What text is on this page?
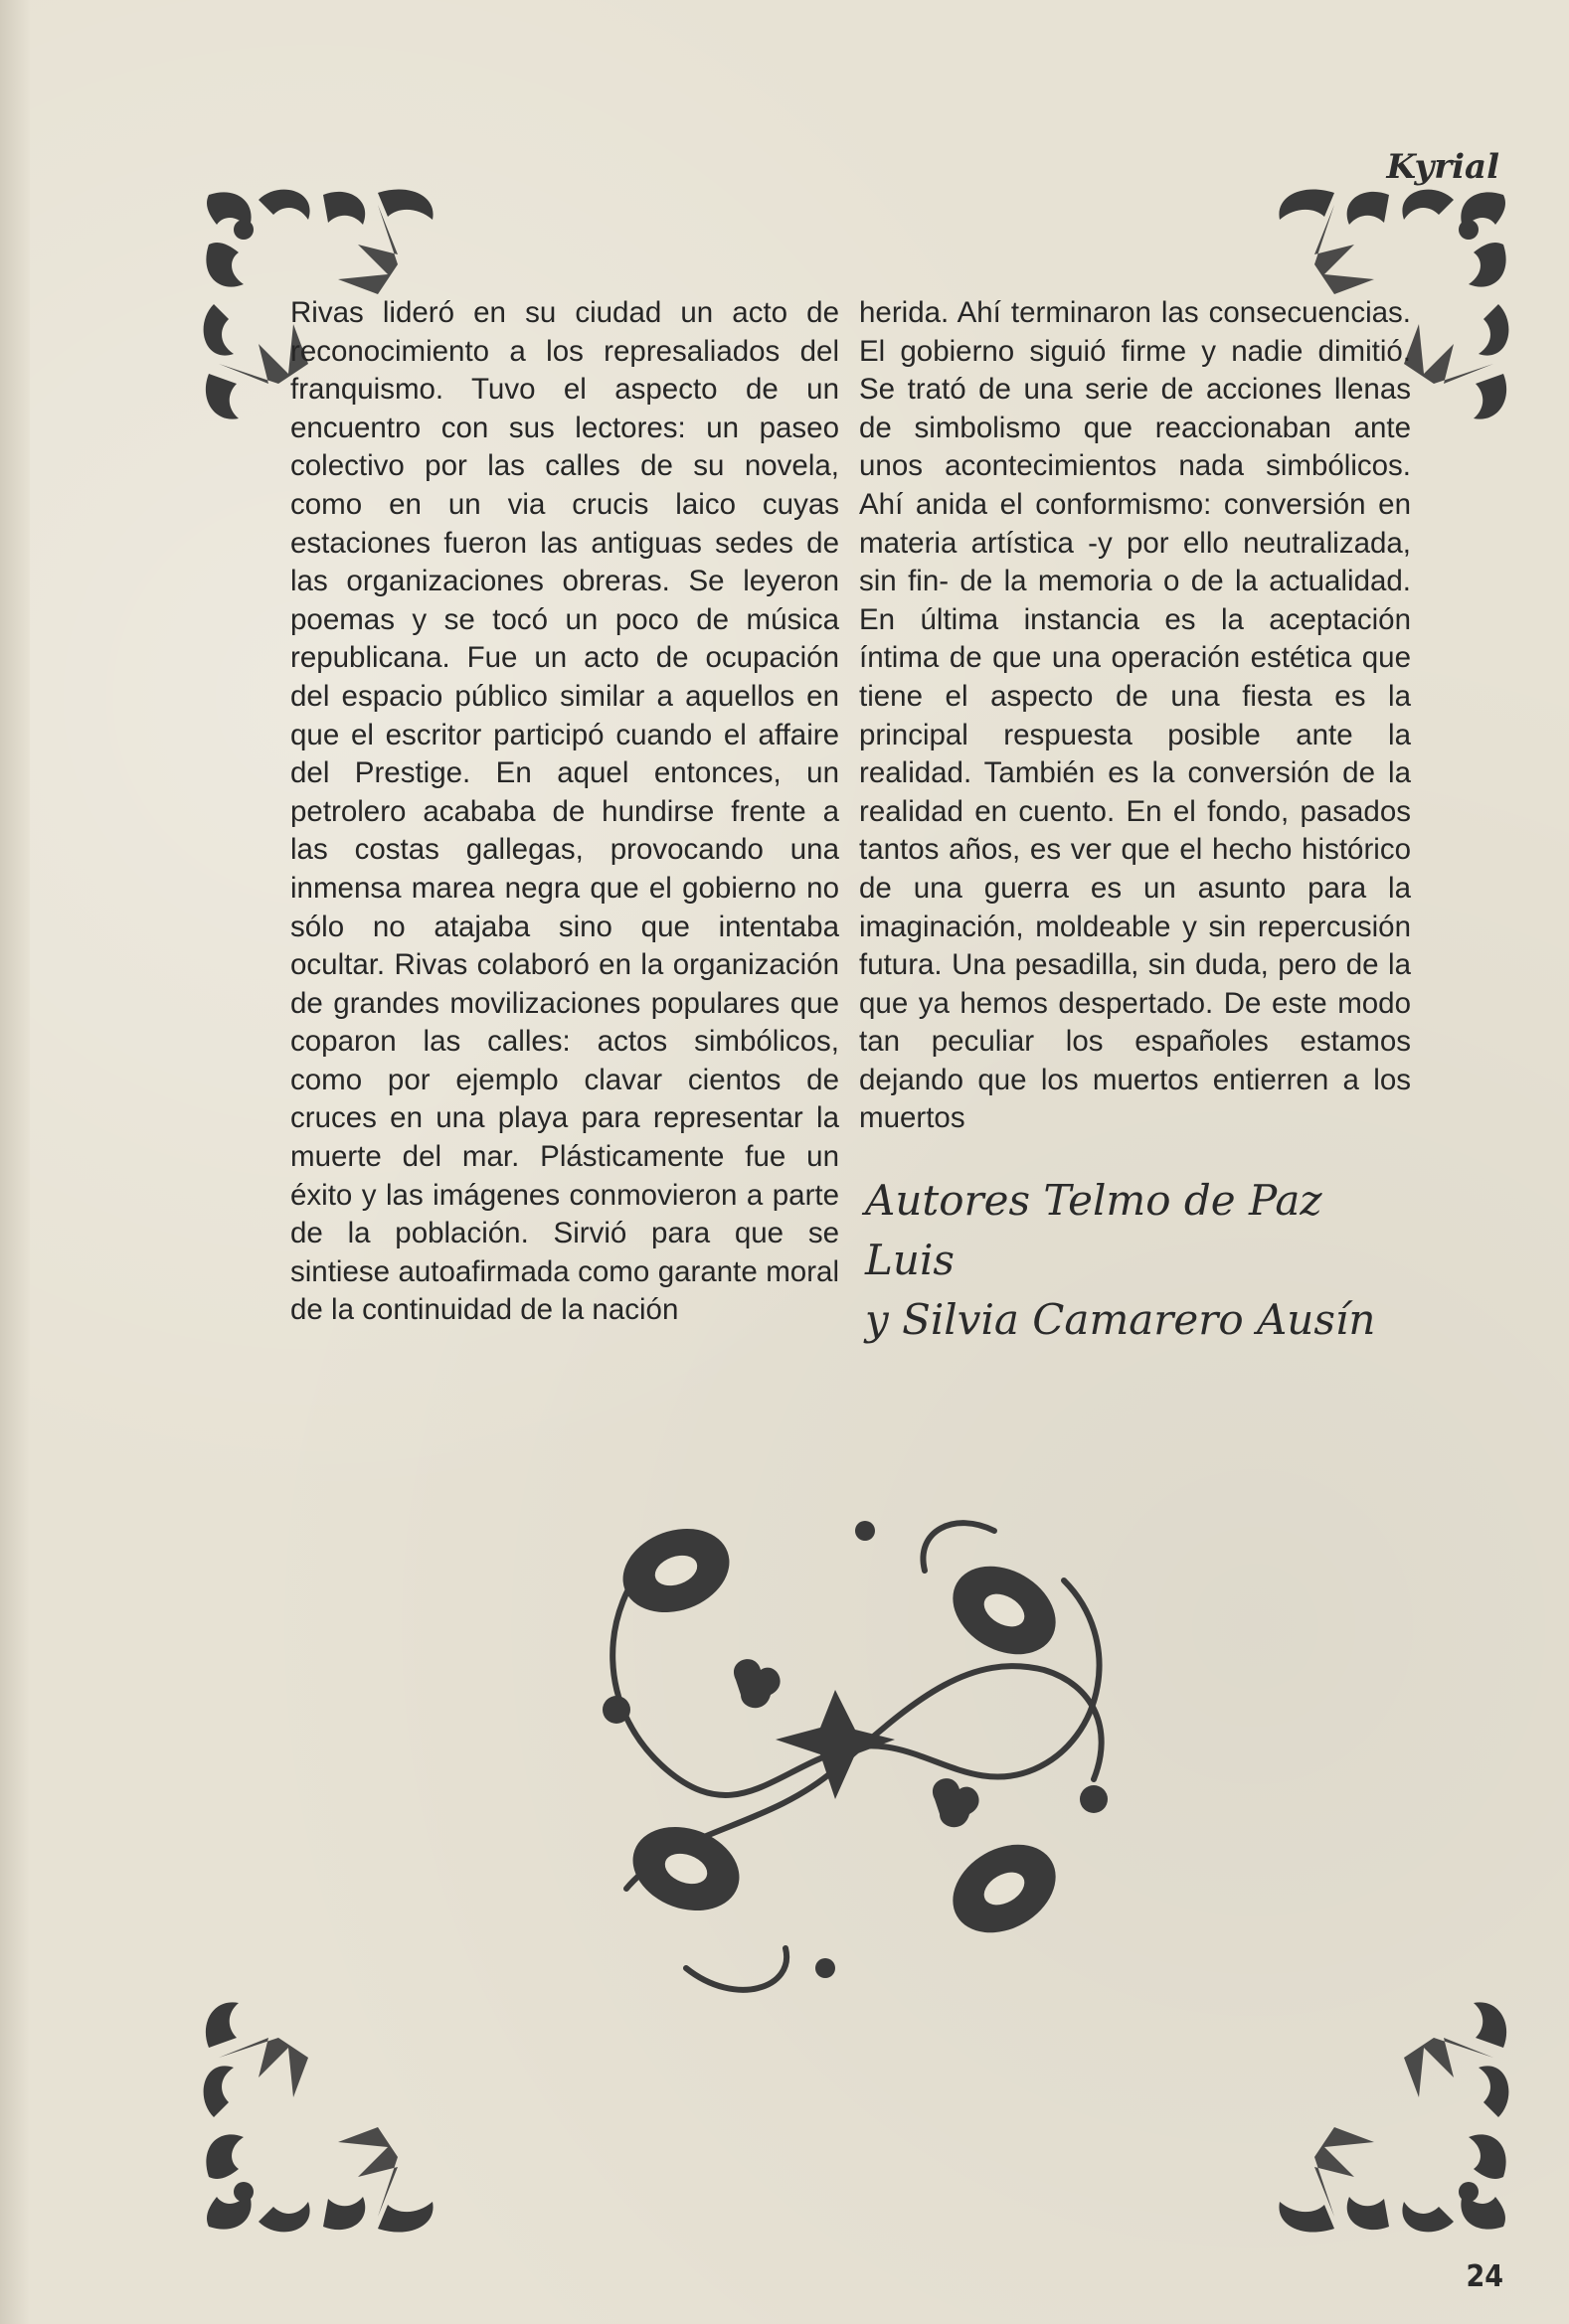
Kyrial
Rivas lideró en su ciudad un acto de reconocimiento a los represaliados del franquismo. Tuvo el aspecto de un encuentro con sus lectores: un paseo colectivo por las calles de su novela, como en un via crucis laico cuyas estaciones fueron las antiguas sedes de las organizaciones obreras. Se leyeron poemas y se tocó un poco de música republicana. Fue un acto de ocupación del espacio público similar a aquellos en que el escritor participó cuando el affaire del Prestige. En aquel entonces, un petrolero acababa de hundirse frente a las costas gallegas, provocando una inmensa marea negra que el gobierno no sólo no atajaba sino que intentaba ocultar. Rivas colaboró en la organización de grandes movilizaciones populares que coparon las calles: actos simbólicos, como por ejemplo clavar cientos de cruces en una playa para representar la muerte del mar. Plásticamente fue un éxito y las imágenes conmovieron a parte de la población. Sirvió para que se sintiese autoafirmada como garante moral de la continuidad de la nación
herida. Ahí terminaron las consecuencias. El gobierno siguió firme y nadie dimitió. Se trató de una serie de acciones llenas de simbolismo que reaccionaban ante unos acontecimientos nada simbólicos. Ahí anida el conformismo: conversión en materia artística -y por ello neutralizada, sin fin- de la memoria o de la actualidad. En última instancia es la aceptación íntima de que una operación estética que tiene el aspecto de una fiesta es la principal respuesta posible ante la realidad. También es la conversión de la realidad en cuento. En el fondo, pasados tantos años, es ver que el hecho histórico de una guerra es un asunto para la imaginación, moldeable y sin repercusión futura. Una pesadilla, sin duda, pero de la que ya hemos despertado. De este modo tan peculiar los españoles estamos dejando que los muertos entierren a los muertos
Autores Telmo de Paz Luis
y Silvia Camarero Ausín
24
